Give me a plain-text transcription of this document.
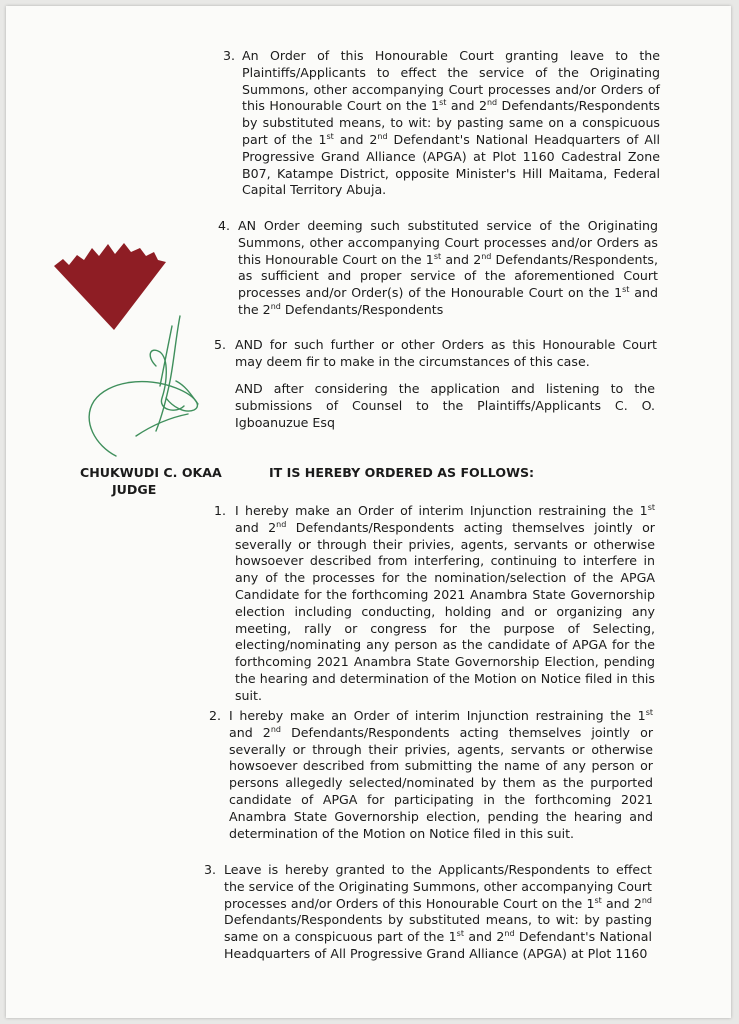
3. An Order of this Honourable Court granting leave to the Plaintiffs/Applicants to effect the service of the Originating Summons, other accompanying Court processes and/or Orders of this Honourable Court on the 1st and 2nd Defendants/Respondents by substituted means, to wit: by pasting same on a conspicuous part of the 1st and 2nd Defendant's National Headquarters of All Progressive Grand Alliance (APGA) at Plot 1160 Cadestral Zone B07, Katampe District, opposite Minister's Hill Maitama, Federal Capital Territory Abuja.
4. AN Order deeming such substituted service of the Originating Summons, other accompanying Court processes and/or Orders as this Honourable Court on the 1st and 2nd Defendants/Respondents, as sufficient and proper service of the aforementioned Court processes and/or Order(s) of the Honourable Court on the 1st and the 2nd Defendants/Respondents
5. AND for such further or other Orders as this Honourable Court may deem fir to make in the circumstances of this case.
AND after considering the application and listening to the submissions of Counsel to the Plaintiffs/Applicants C. O. Igboanuzue Esq
CHUKWUDI C. OKAA
JUDGE
IT IS HEREBY ORDERED AS FOLLOWS:
1. I hereby make an Order of interim Injunction restraining the 1st and 2nd Defendants/Respondents acting themselves jointly or severally or through their privies, agents, servants or otherwise howsoever described from interfering, continuing to interfere in any of the processes for the nomination/selection of the APGA Candidate for the forthcoming 2021 Anambra State Governorship election including conducting, holding and or organizing any meeting, rally or congress for the purpose of Selecting, electing/nominating any person as the candidate of APGA for the forthcoming 2021 Anambra State Governorship Election, pending the hearing and determination of the Motion on Notice filed in this suit.
2. I hereby make an Order of interim Injunction restraining the 1st and 2nd Defendants/Respondents acting themselves jointly or severally or through their privies, agents, servants or otherwise howsoever described from submitting the name of any person or persons allegedly selected/nominated by them as the purported candidate of APGA for participating in the forthcoming 2021 Anambra State Governorship election, pending the hearing and determination of the Motion on Notice filed in this suit.
3. Leave is hereby granted to the Applicants/Respondents to effect the service of the Originating Summons, other accompanying Court processes and/or Orders of this Honourable Court on the 1st and 2nd Defendants/Respondents by substituted means, to wit: by pasting same on a conspicuous part of the 1st and 2nd Defendant's National Headquarters of All Progressive Grand Alliance (APGA) at Plot 1160
